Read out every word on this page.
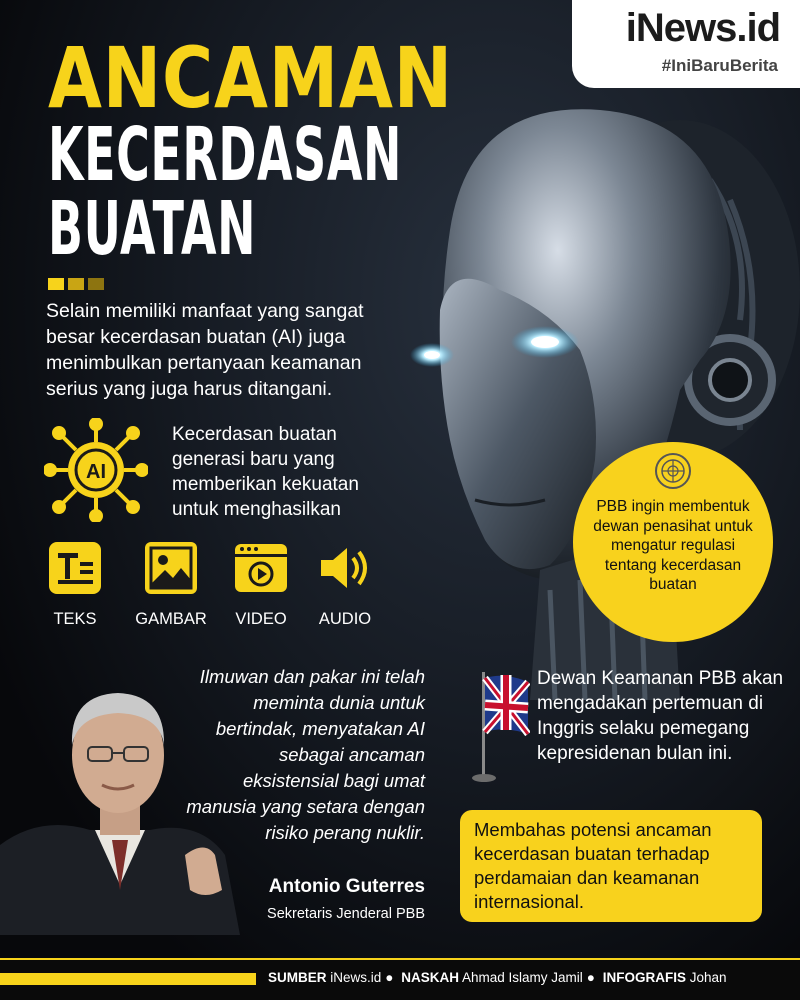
iNews.id
#IniBaruBerita
ANCAMAN
KECERDASAN
BUATAN

Selain memiliki manfaat yang sangat besar kecerdasan buatan (AI) juga menimbulkan pertanyaan keamanan serius yang juga harus ditangani.

AI

Kecerdasan buatan generasi baru yang memberikan kekuatan untuk menghasilkan

TEKS	GAMBAR	VIDEO	AUDIO

PBB ingin membentuk dewan penasihat untuk mengatur regulasi tentang kecerdasan buatan

Ilmuwan dan pakar ini telah meminta dunia untuk bertindak, menyatakan AI sebagai ancaman eksistensial bagi umat manusia yang setara dengan risiko perang nuklir.

Antonio Guterres

Sekretaris Jenderal PBB

Dewan Keamanan PBB akan mengadakan pertemuan di Inggris selaku pemegang kepresidenan bulan ini.

Membahas potensi ancaman kecerdasan buatan terhadap perdamaian dan keamanan internasional.

SUMBER iNews.id ● NASKAH Ahmad Islamy Jamil ● INFOGRAFIS Johan
